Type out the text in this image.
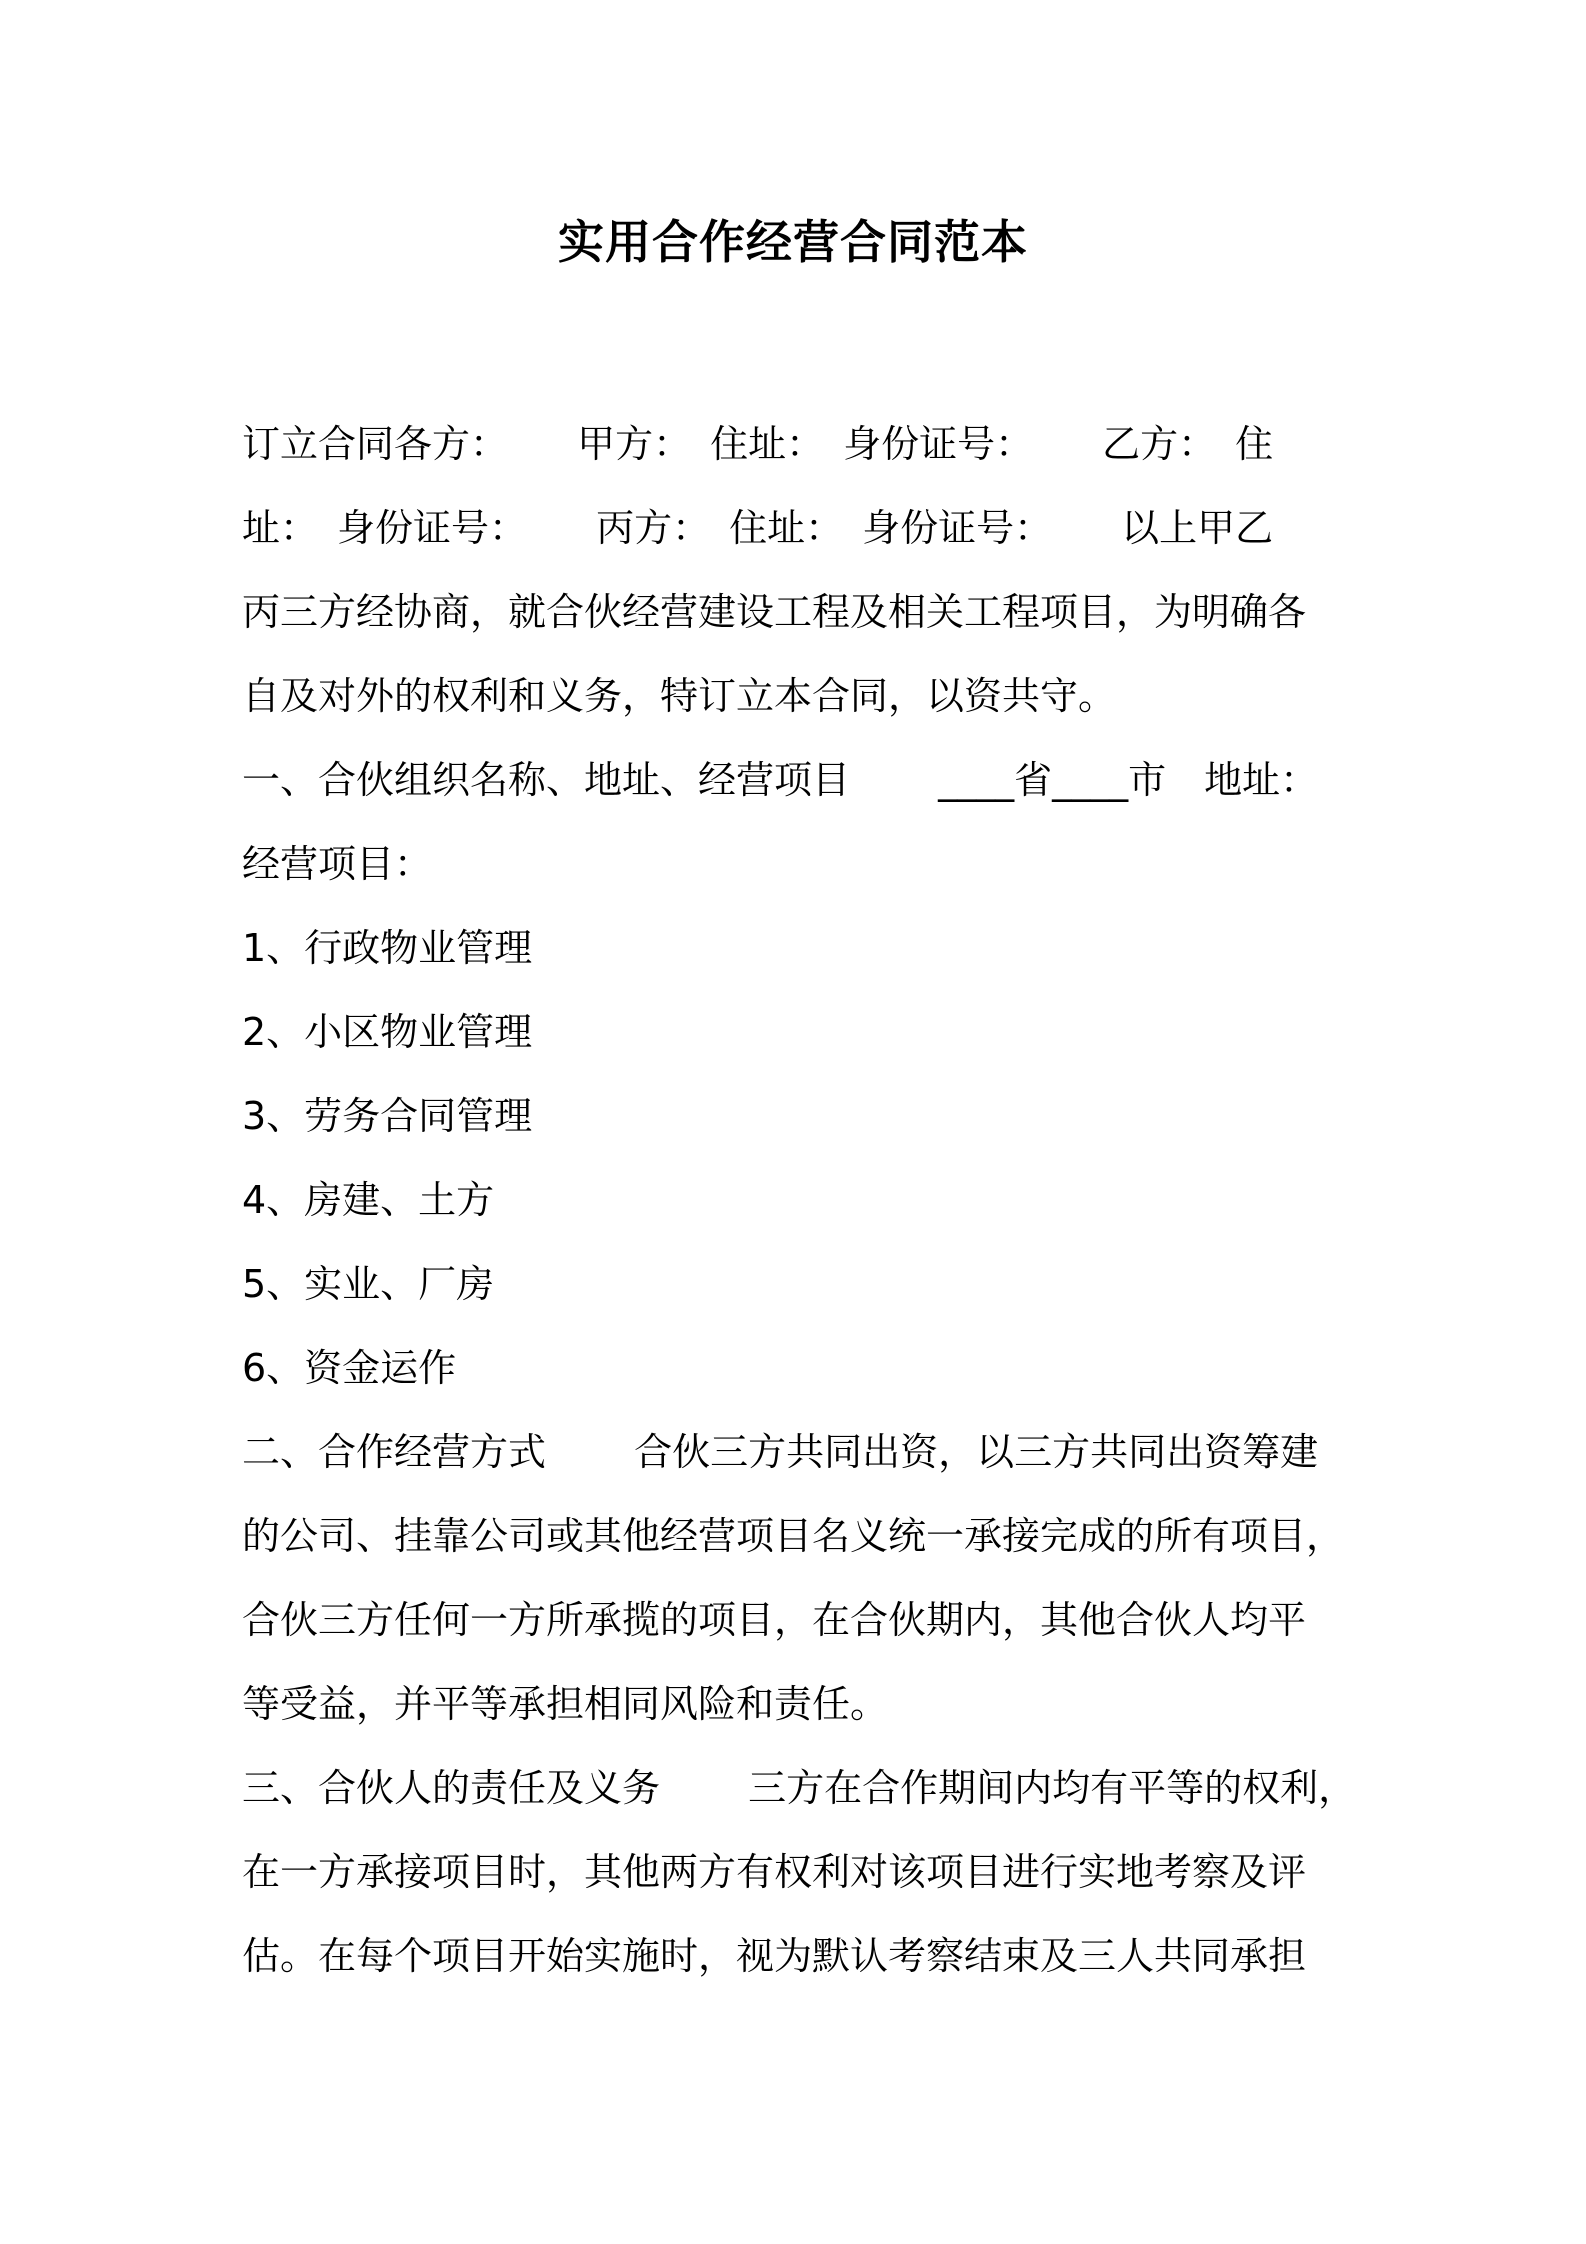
实用合作经营合同范本
订立合同各方：　　 甲方：　住址：　身份证号：　　 乙方：　住
址：　身份证号：　　 丙方：　住址：　身份证号：　　 以上甲乙
丙三方经协商，就合伙经营建设工程及相关工程项目，为明确各
自及对外的权利和义务，特订立本合同，以资共守。
一、合伙组织名称、地址、经营项目　　 ____省____市　地址：
经营项目：
1、行政物业管理
2、小区物业管理
3、劳务合同管理
4、房建、土方
5、实业、厂房
6、资金运作
二、合作经营方式　　 合伙三方共同出资，以三方共同出资筹建
的公司、挂靠公司或其他经营项目名义统一承接完成的所有项目，
合伙三方任何一方所承揽的项目，在合伙期内，其他合伙人均平
等受益，并平等承担相同风险和责任。
三、合伙人的责任及义务　　 三方在合作期间内均有平等的权利，
在一方承接项目时，其他两方有权利对该项目进行实地考察及评
估。在每个项目开始实施时，视为默认考察结束及三人共同承担
